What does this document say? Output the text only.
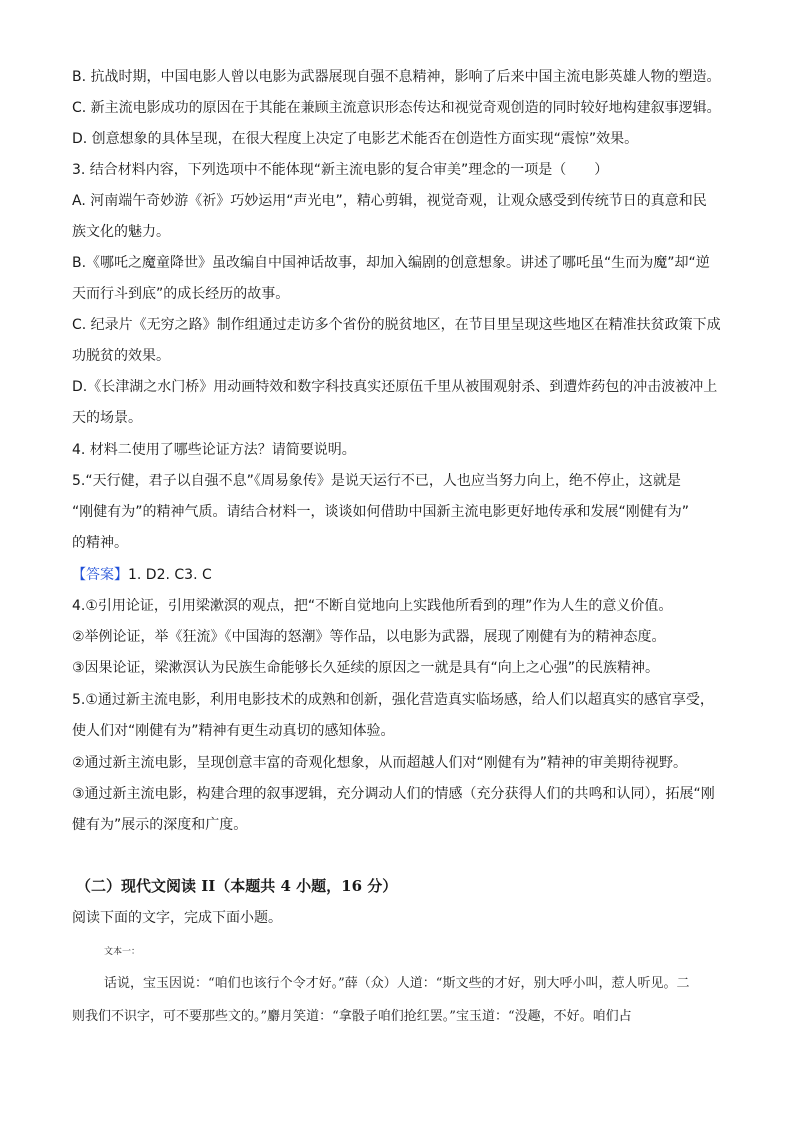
B. 抗战时期，中国电影人曾以电影为武器展现自强不息精神，影响了后来中国主流电影英雄人物的塑造。

C. 新主流电影成功的原因在于其能在兼顾主流意识形态传达和视觉奇观创造的同时较好地构建叙事逻辑。

D. 创意想象的具体呈现，在很大程度上决定了电影艺术能否在创造性方面实现“震惊”效果。

3. 结合材料内容，下列选项中不能体现“新主流电影的复合审美”理念的一项是（　　）

A. 河南端午奇妙游《祈》巧妙运用“声光电”，精心剪辑，视觉奇观，让观众感受到传统节日的真意和民

族文化的魅力。

B.《哪吒之魔童降世》虽改编自中国神话故事，却加入编剧的创意想象。讲述了哪吒虽“生而为魔”却“逆

天而行斗到底”的成长经历的故事。

C. 纪录片《无穷之路》制作组通过走访多个省份的脱贫地区，在节目里呈现这些地区在精准扶贫政策下成

功脱贫的效果。

D.《长津湖之水门桥》用动画特效和数字科技真实还原伍千里从被围观射杀、到遭炸药包的冲击波被冲上

天的场景。

4. 材料二使用了哪些论证方法？请简要说明。

5.“天行健，君子以自强不息”《周易象传》是说天运行不已，人也应当努力向上，绝不停止，这就是

“刚健有为”的精神气质。请结合材料一，谈谈如何借助中国新主流电影更好地传承和发展“刚健有为”

的精神。

【答案】1. D2. C3. C

4.①引用论证，引用梁漱溟的观点，把“不断自觉地向上实践他所看到的理”作为人生的意义价值。

②举例论证，举《狂流》《中国海的怒潮》等作品，以电影为武器，展现了刚健有为的精神态度。

③因果论证，梁漱溟认为民族生命能够长久延续的原因之一就是具有“向上之心强”的民族精神。

5.①通过新主流电影，利用电影技术的成熟和创新，强化营造真实临场感，给人们以超真实的感官享受，

使人们对“刚健有为”精神有更生动真切的感知体验。

②通过新主流电影，呈现创意丰富的奇观化想象，从而超越人们对“刚健有为”精神的审美期待视野。

③通过新主流电影，构建合理的叙事逻辑，充分调动人们的情感（充分获得人们的共鸣和认同），拓展“刚

健有为”展示的深度和广度。

（二）现代文阅读 II（本题共 4 小题，16 分）

阅读下面的文字，完成下面小题。

文本一：

话说，宝玉因说：“咱们也该行个令才好。”薛（众）人道：“斯文些的才好，别大呼小叫，惹人听见。二

则我们不识字，可不要那些文的。”麝月笑道：“拿骰子咱们抢红罢。”宝玉道：“没趣，不好。咱们占
